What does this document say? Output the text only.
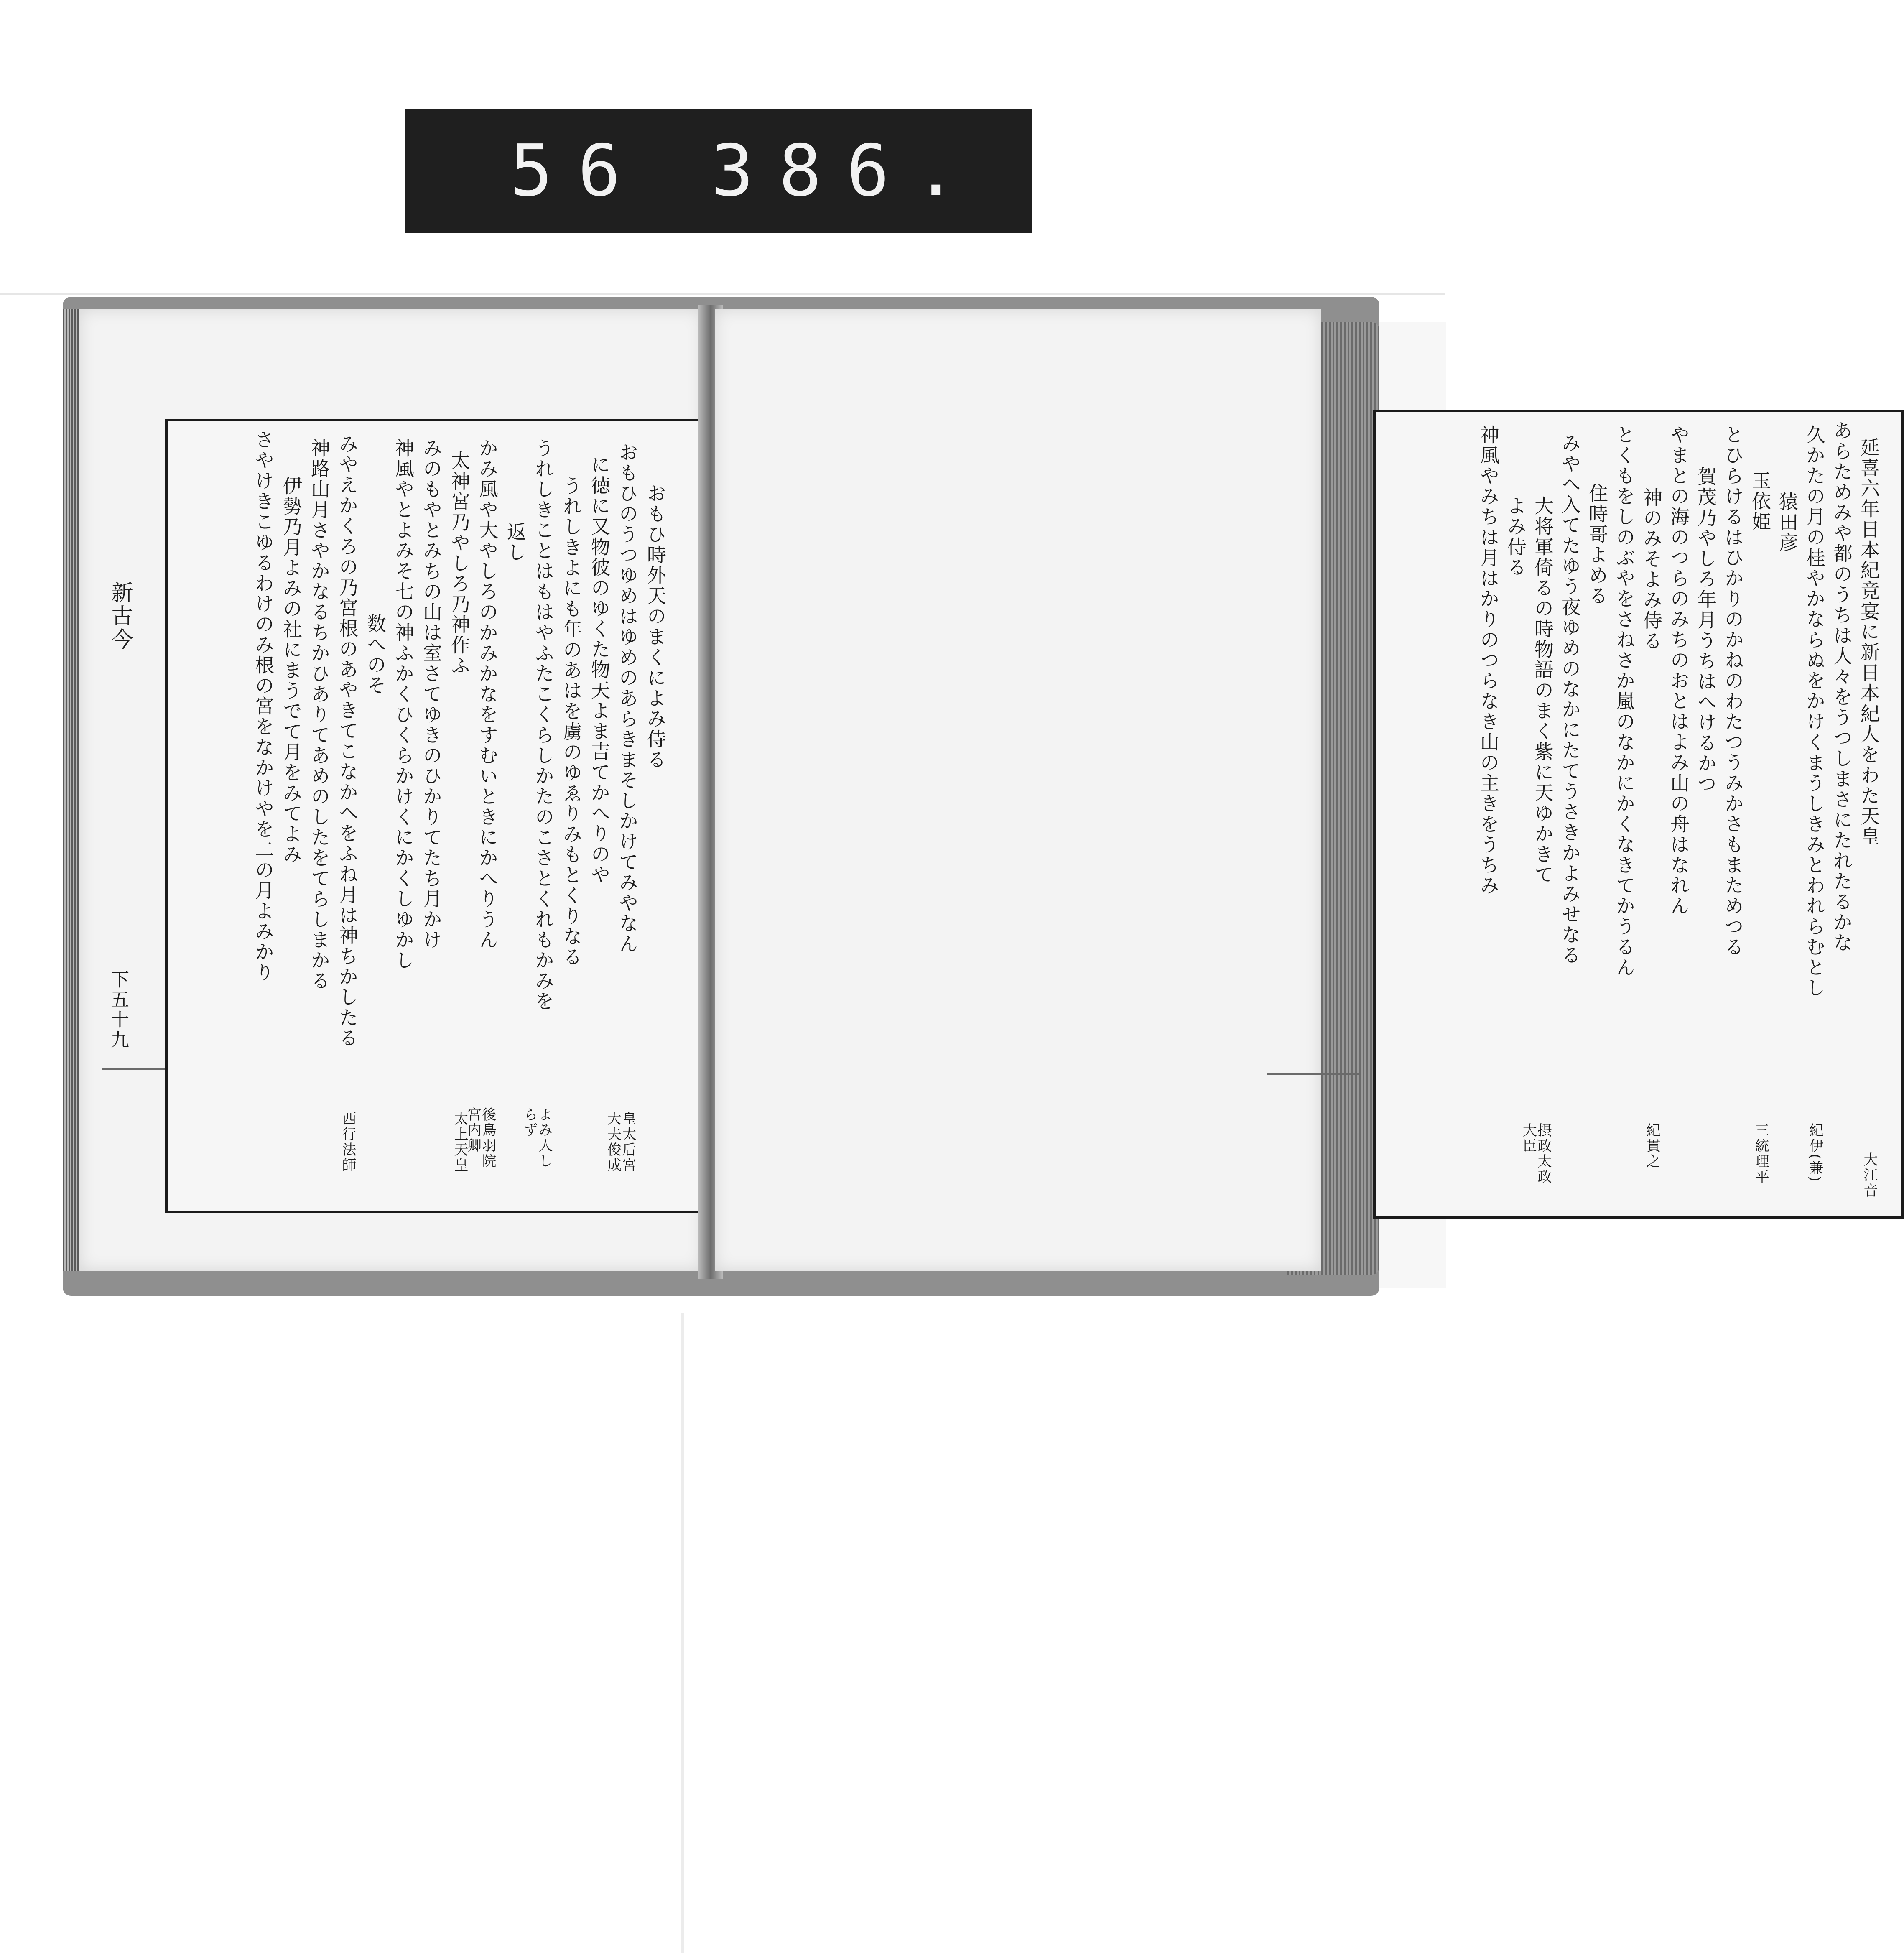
56 386.
新古今
下五十九
おもひ時外天のまくによみ侍る
おもひのうつゆめはゆめのあらきまそしかけてみやなん
皇太后宮大夫俊成
に徳に又物彼のゆくた物天よま吉てかへりのや
うれしきよにも年のあはを虜のゆゑりみもとくりなる
うれしきことはもはやふたこくらしかたのこさとくれもかみを
よみ人しらず
返し
かみ風や大やしろのかみかなをすむいときにかへりうん
後鳥羽院宮内卿
太神宮乃やしろ乃神作ふ
太上天皇
みのもやとみちの山は室さてゆきのひかりてたち月かけ
神風やとよみそ七の神ふかくひくらかけくにかくしゆかし
数へのそ
みやえかくろの乃宮根のあやきてこなかへをふね月は神ちかしたる
西行法師
神路山月さやかなるちかひありてあめのしたをてらしまかる
伊勢乃月よみの社にまうでて月をみてよみ
さやけきこゆるわけのみ根の宮をなかけやを二の月よみかり	延喜六年日本紀竟宴に新日本紀人をわた天皇
大江音
あらためみや都のうちは人々をうつしまさにたれたるかな
久かたの月の桂やかならぬをかけくまうしきみとわれらむとし
紀伊(兼)
猿田彦
玉依姫
三統理平
とひらけるはひかりのかねのわたつうみかさもまためつる
賀茂乃やしろ年月うちはへけるかつ
やまとの海のつらのみちのおとはよみ山の舟はなれん
神のみそよみ侍る
紀貫之
とくもをしのぶやをさねさか嵐のなかにかくなきてかうるん
住時哥よめる
みやへ入てたゆう夜ゆめのなかにたてうさきかよみせなる
大将軍倚るの時物語のまく紫に天ゆかきて
摂政太政大臣
よみ侍る
神風やみちは月はかりのつらなき山の主きをうちみ
